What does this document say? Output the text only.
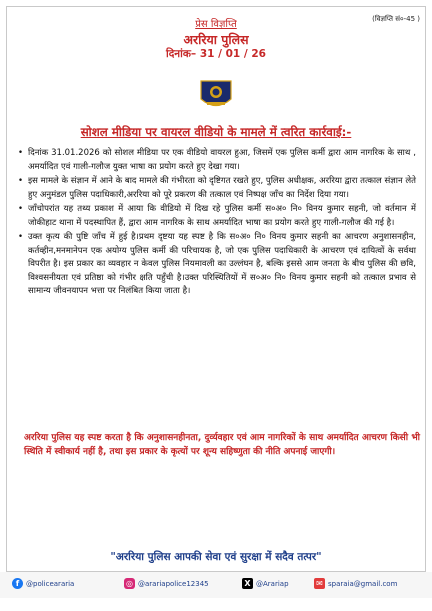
(विज्ञप्ति सं०-45 )
प्रेस विज्ञप्ति
अररिया पुलिस
दिनांक– 31 / 01 / 26
सोशल मीडिया पर वायरल वीडियो के मामले में त्वरित कार्रवाई:-
• दिनांक 31.01.2026 को सोशल मीडिया पर एक वीडियो वायरल हुआ, जिसमें एक पुलिस कर्मी द्वारा आम नागरिक के साथ , अमर्यादित एवं गाली-गलौज युक्त भाषा का प्रयोग करते हुए देखा गया।
• इस मामले के संज्ञान में आने के बाद मामले की गंभीरता को दृष्टिगत रखते हुए, पुलिस अधीक्षक, अररिया द्वारा तत्काल संज्ञान लेते हुए अनुमंडल पुलिस पदाधिकारी,अररिया को पूरे प्रकरण की तत्काल एवं निष्पक्ष जाँच का निर्देश दिया गया।
• जाँचोपरांत यह तथ्य प्रकाश में आया कि वीडियो में दिख रहे पुलिस कर्मी स०अ० नि० विनय कुमार सहनी, जो वर्तमान में जोकीहाट थाना में पदस्थापित हैं, द्वारा आम नागरिक के साथ अमर्यादित भाषा का प्रयोग करते हुए गाली-गलौज की गई है।
• उक्त कृत्य की पुष्टि जाँच में हुई है।प्रथम दृष्टया यह स्पष्ट है कि स०अ० नि० विनय कुमार सहनी का आचरण अनुशासनहीन, कर्तव्हीन,मनमानेपन एक अयोग्य पुलिस कर्मी की परिचायक है, जो एक पुलिस पदाधिकारी के आचरण एवं दायित्वों के सर्वथा विपरीत है। इस प्रकार का व्यवहार न केवल पुलिस नियमावली का उल्लंघन है, बल्कि इससे आम जनता के बीच पुलिस की छवि, विश्वसनीयता एवं प्रतिष्ठा को गंभीर क्षति पहुँची है।उक्त परिस्थितियों में स०अ० नि० विनय कुमार सहनी को तत्काल प्रभाव से सामान्य जीवनयापन भत्ता पर निलंबित किया जाता है।
अररिया पुलिस यह स्पष्ट करता है कि अनुशासनहीनता, दुर्व्यवहार एवं आम नागरिकों के साथ अमर्यादित आचरण किसी भी स्थिति में स्वीकार्य नहीं है, तथा इस प्रकार के कृत्यों पर शून्य सहिष्णुता की नीति अपनाई जाएगी।
"अररिया पुलिस आपकी सेवा एवं सुरक्षा में सदैव तत्पर"
f @policeararia	◎ @arariapolice12345	X @Arariap	✉ sparaia@gmail.com
